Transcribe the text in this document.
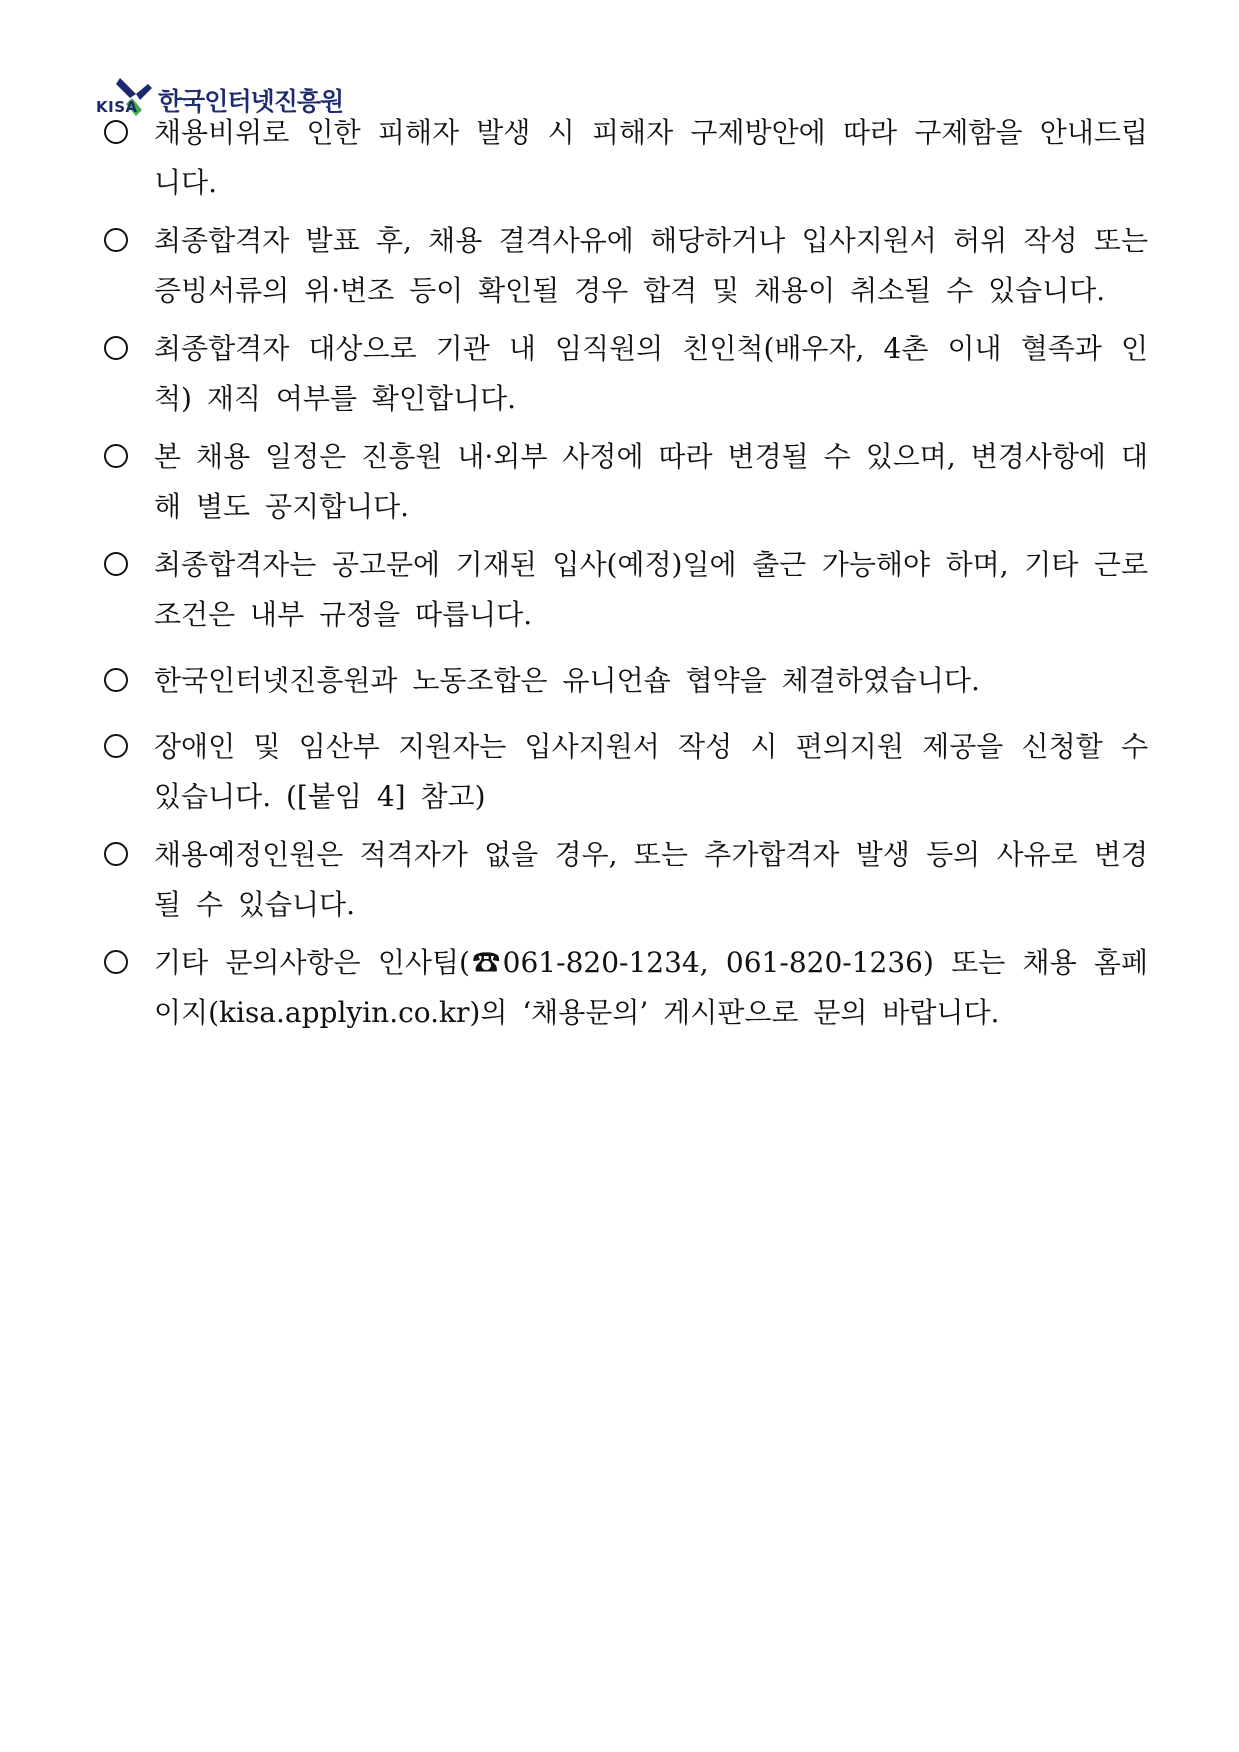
KISA 한국인터넷진흥원
채용비위로 인한 피해자 발생 시 피해자 구제방안에 따라 구제함을 안내드립니다.
최종합격자 발표 후, 채용 결격사유에 해당하거나 입사지원서 허위 작성 또는 증빙서류의 위·변조 등이 확인될 경우 합격 및 채용이 취소될 수 있습니다.
최종합격자 대상으로 기관 내 임직원의 친인척(배우자, 4촌 이내 혈족과 인척) 재직 여부를 확인합니다.
본 채용 일정은 진흥원 내·외부 사정에 따라 변경될 수 있으며, 변경사항에 대해 별도 공지합니다.
최종합격자는 공고문에 기재된 입사(예정)일에 출근 가능해야 하며, 기타 근로 조건은 내부 규정을 따릅니다.
한국인터넷진흥원과 노동조합은 유니언숍 협약을 체결하였습니다.
장애인 및 임산부 지원자는 입사지원서 작성 시 편의지원 제공을 신청할 수 있습니다. ([붙임 4] 참고)
채용예정인원은 적격자가 없을 경우, 또는 추가합격자 발생 등의 사유로 변경될 수 있습니다.
기타 문의사항은 인사팀(☎061-820-1234, 061-820-1236) 또는 채용 홈페이지(kisa.applyin.co.kr)의 ‘채용문의’ 게시판으로 문의 바랍니다.
